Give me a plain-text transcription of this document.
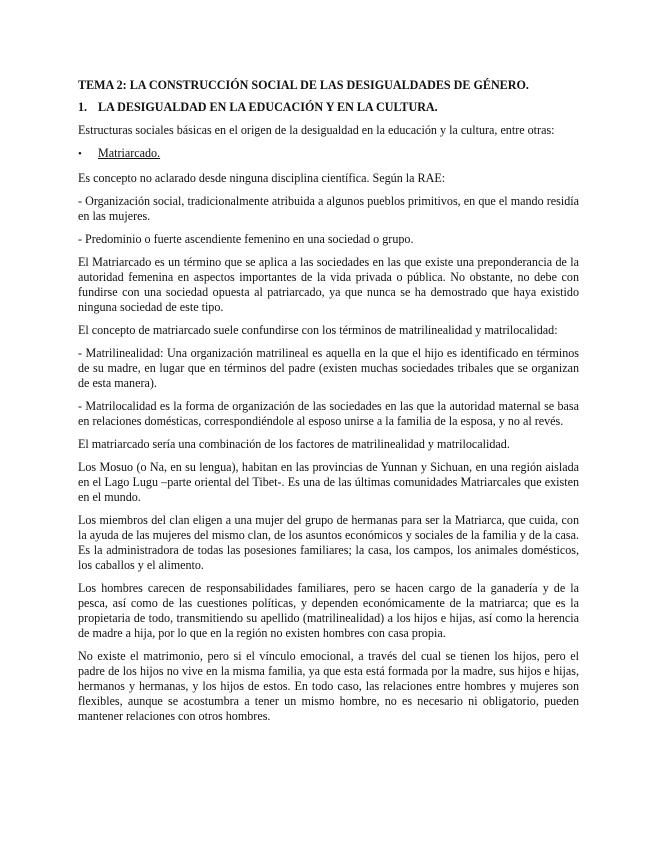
TEMA 2: LA CONSTRUCCIÓN SOCIAL DE LAS DESIGUALDADES DE GÉNERO.
1. LA DESIGUALDAD EN LA EDUCACIÓN Y EN LA CULTURA.

Estructuras sociales básicas en el origen de la desigualdad en la educación y la cultura, entre otras:

•	Matriarcado.

Es concepto no aclarado desde ninguna disciplina científica. Según la RAE:

- Organización social, tradicionalmente atribuida a algunos pueblos primitivos, en que el mando residía en las mujeres.

- Predominio o fuerte ascendiente femenino en una sociedad o grupo.

El Matriarcado es un término que se aplica a las sociedades en las que existe una preponderancia de la autoridad femenina en aspectos importantes de la vida privada o pública. No obstante, no debe con fundirse con una sociedad opuesta al patriarcado, ya que nunca se ha demostrado que haya existido ninguna sociedad de este tipo.

El concepto de matriarcado suele confundirse con los términos de matrilinealidad y matrilocalidad:

- Matrilinealidad: Una organización matrilineal es aquella en la que el hijo es identificado en términos de su madre, en lugar que en términos del padre (existen muchas sociedades tribales que se organizan de esta manera).

- Matrilocalidad es la forma de organización de las sociedades en las que la autoridad maternal se basa en relaciones domésticas, correspondiéndole al esposo unirse a la familia de la esposa, y no al revés.

El matriarcado sería una combinación de los factores de matrilinealidad y matrilocalidad.

Los Mosuo (o Na, en su lengua), habitan en las provincias de Yunnan y Sichuan, en una región aislada en el Lago Lugu –parte oriental del Tibet-. Es una de las últimas comunidades Matriarcales que existen en el mundo.

Los miembros del clan eligen a una mujer del grupo de hermanas para ser la Matriarca, que cuida, con la ayuda de las mujeres del mismo clan, de los asuntos económicos y sociales de la familia y de la casa. Es la administradora de todas las posesiones familiares; la casa, los campos, los animales domésticos, los caballos y el alimento.

Los hombres carecen de responsabilidades familiares, pero se hacen cargo de la ganadería y de la pesca, así como de las cuestiones políticas, y dependen económicamente de la matriarca; que es la propietaria de todo, transmitiendo su apellido (matrilinealidad) a los hijos e hijas, así como la herencia de madre a hija, por lo que en la región no existen hombres con casa propia.

No existe el matrimonio, pero si el vínculo emocional, a través del cual se tienen los hijos, pero el padre de los hijos no vive en la misma familia, ya que esta está formada por la madre, sus hijos e hijas, hermanos y hermanas, y los hijos de estos. En todo caso, las relaciones entre hombres y mujeres son flexibles, aunque se acostumbra a tener un mismo hombre, no es necesario ni obligatorio, pueden mantener relaciones con otros hombres.
